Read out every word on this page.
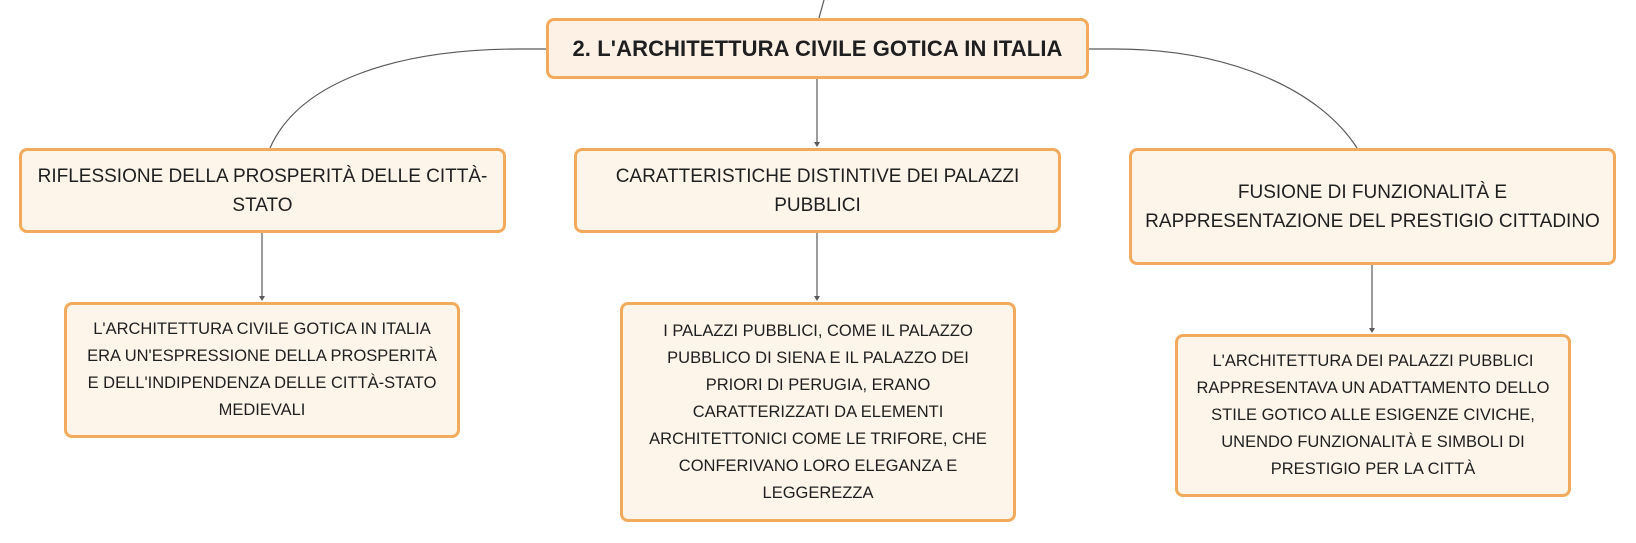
2. L'ARCHITETTURA CIVILE GOTICA IN ITALIA
RIFLESSIONE DELLA PROSPERITÀ DELLE CITTÀ-STATO
CARATTERISTICHE DISTINTIVE DEI PALAZZI PUBBLICI
FUSIONE DI FUNZIONALITÀ E RAPPRESENTAZIONE DEL PRESTIGIO CITTADINO
L'ARCHITETTURA CIVILE GOTICA IN ITALIA ERA UN'ESPRESSIONE DELLA PROSPERITÀ E DELL'INDIPENDENZA DELLE CITTÀ-STATO MEDIEVALI
I PALAZZI PUBBLICI, COME IL PALAZZO PUBBLICO DI SIENA E IL PALAZZO DEI PRIORI DI PERUGIA, ERANO CARATTERIZZATI DA ELEMENTI ARCHITETTONICI COME LE TRIFORE, CHE CONFERIVANO LORO ELEGANZA E LEGGEREZZA
L'ARCHITETTURA DEI PALAZZI PUBBLICI RAPPRESENTAVA UN ADATTAMENTO DELLO STILE GOTICO ALLE ESIGENZE CIVICHE, UNENDO FUNZIONALITÀ E SIMBOLI DI PRESTIGIO PER LA CITTÀ
